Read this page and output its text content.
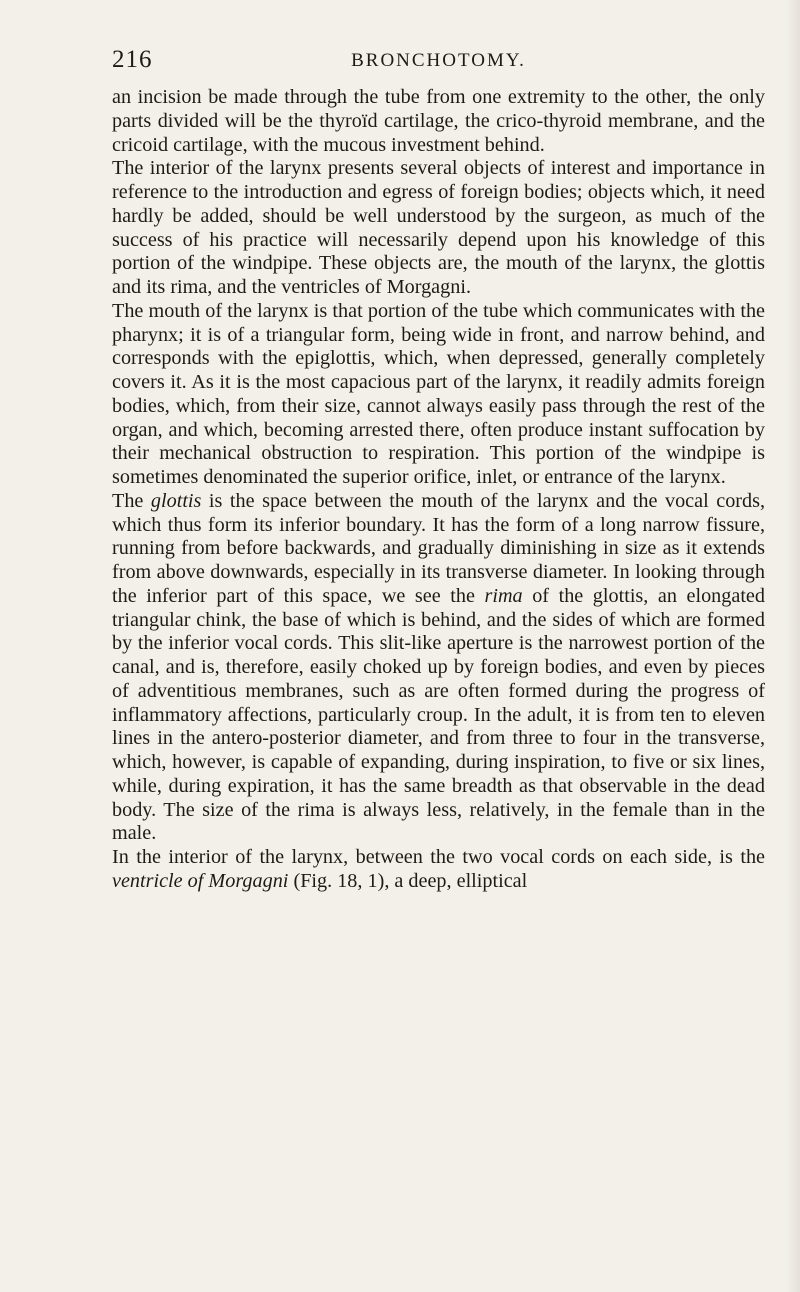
216	BRONCHOTOMY.

an incision be made through the tube from one extremity to the other, the only parts divided will be the thyroïd cartilage, the crico-thyroid membrane, and the cricoid cartilage, with the mucous investment behind.

The interior of the larynx presents several objects of interest and importance in reference to the introduction and egress of foreign bodies; objects which, it need hardly be added, should be well understood by the surgeon, as much of the success of his practice will necessarily depend upon his knowledge of this portion of the windpipe. These objects are, the mouth of the larynx, the glottis and its rima, and the ventricles of Morgagni.

The mouth of the larynx is that portion of the tube which communicates with the pharynx; it is of a triangular form, being wide in front, and narrow behind, and corresponds with the epiglottis, which, when depressed, generally completely covers it. As it is the most capacious part of the larynx, it readily admits foreign bodies, which, from their size, cannot always easily pass through the rest of the organ, and which, becoming arrested there, often produce instant suffocation by their mechanical obstruction to respiration. This portion of the windpipe is sometimes denominated the superior orifice, inlet, or entrance of the larynx.

The glottis is the space between the mouth of the larynx and the vocal cords, which thus form its inferior boundary. It has the form of a long narrow fissure, running from before backwards, and gradually diminishing in size as it extends from above downwards, especially in its transverse diameter. In looking through the inferior part of this space, we see the rima of the glottis, an elongated triangular chink, the base of which is behind, and the sides of which are formed by the inferior vocal cords. This slit-like aperture is the narrowest portion of the canal, and is, therefore, easily choked up by foreign bodies, and even by pieces of adventitious membranes, such as are often formed during the progress of inflammatory affections, particularly croup. In the adult, it is from ten to eleven lines in the antero-posterior diameter, and from three to four in the transverse, which, however, is capable of expanding, during inspiration, to five or six lines, while, during expiration, it has the same breadth as that observable in the dead body. The size of the rima is always less, relatively, in the female than in the male.

In the interior of the larynx, between the two vocal cords on each side, is the ventricle of Morgagni (Fig. 18, 1), a deep, elliptical
